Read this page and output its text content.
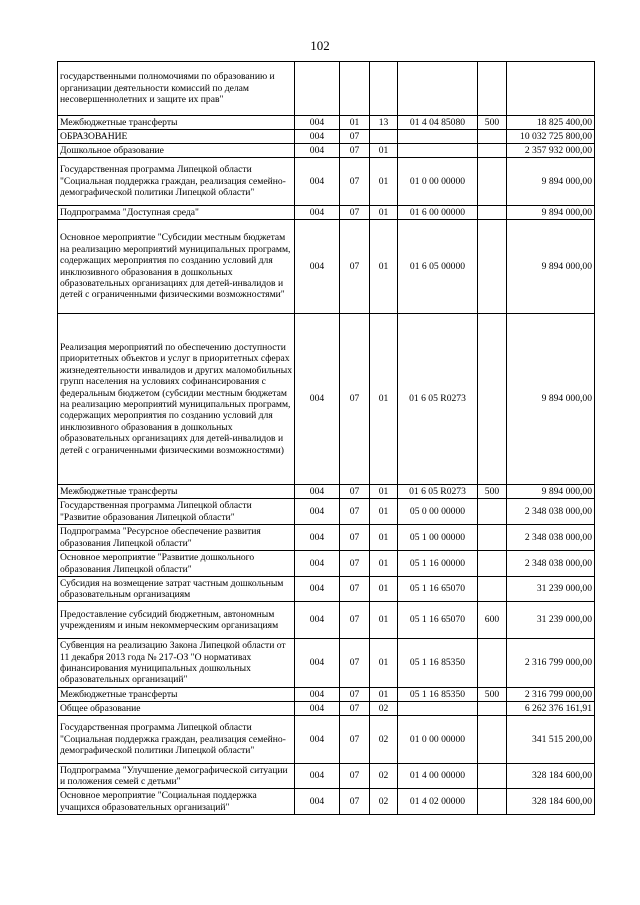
102
государственными полномочиями по образованию и организации деятельности комиссий по делам несовершеннолетних и защите их прав"						
Межбюджетные трансферты	004	01	13	01 4 04 85080	500	18 825 400,00
ОБРАЗОВАНИЕ	004	07				10 032 725 800,00
Дошкольное образование	004	07	01			2 357 932 000,00
Государственная программа Липецкой области "Социальная поддержка граждан, реализация семейно-демографической политики Липецкой области"	004	07	01	01 0 00 00000		9 894 000,00
Подпрограмма "Доступная среда"	004	07	01	01 6 00 00000		9 894 000,00
Основное мероприятие "Субсидии местным бюджетам на реализацию мероприятий муниципальных программ, содержащих мероприятия по созданию условий для инклюзивного образования в дошкольных образовательных организациях для детей-инвалидов и детей с ограниченными физическими возможностями"	004	07	01	01 6 05 00000		9 894 000,00
Реализация мероприятий по обеспечению доступности приоритетных объектов и услуг в приоритетных сферах жизнедеятельности инвалидов и других маломобильных групп населения на условиях софинансирования с федеральным бюджетом (субсидии местным бюджетам на реализацию мероприятий муниципальных программ, содержащих мероприятия по созданию условий для инклюзивного образования в дошкольных образовательных организациях для детей-инвалидов и детей с ограниченными физическими возможностями)	004	07	01	01 6 05 R0273		9 894 000,00
Межбюджетные трансферты	004	07	01	01 6 05 R0273	500	9 894 000,00
Государственная программа Липецкой области "Развитие образования Липецкой области"	004	07	01	05 0 00 00000		2 348 038 000,00
Подпрограмма "Ресурсное обеспечение развития образования Липецкой области"	004	07	01	05 1 00 00000		2 348 038 000,00
Основное мероприятие "Развитие дошкольного образования Липецкой области"	004	07	01	05 1 16 00000		2 348 038 000,00
Субсидия на возмещение затрат частным дошкольным образовательным организациям	004	07	01	05 1 16 65070		31 239 000,00
Предоставление субсидий бюджетным, автономным учреждениям и иным некоммерческим организациям	004	07	01	05 1 16 65070	600	31 239 000,00
Субвенция на реализацию Закона Липецкой области от 11 декабря 2013 года № 217-ОЗ "О нормативах финансирования муниципальных дошкольных образовательных организаций"	004	07	01	05 1 16 85350		2 316 799 000,00
Межбюджетные трансферты	004	07	01	05 1 16 85350	500	2 316 799 000,00
Общее образование	004	07	02			6 262 376 161,91
Государственная программа Липецкой области "Социальная поддержка граждан, реализация семейно-демографической политики Липецкой области"	004	07	02	01 0 00 00000		341 515 200,00
Подпрограмма "Улучшение демографической ситуации и положения семей с детьми"	004	07	02	01 4 00 00000		328 184 600,00
Основное мероприятие "Социальная поддержка учащихся образовательных организаций"	004	07	02	01 4 02 00000		328 184 600,00
